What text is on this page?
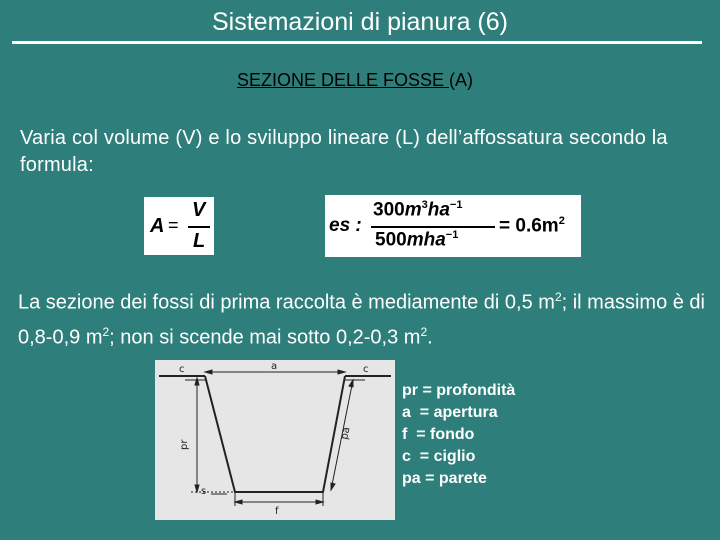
Sistemazioni di pianura (6)
SEZIONE DELLE FOSSE (A)
Varia col volume (V) e lo sviluppo lineare (L) dell’affossatura secondo la formula:
A =
V
L
es :
$300m^3ha^{-1}$
$500mha^{-1} = 0.6m^2$
La sezione dei fossi di prima raccolta è mediamente di 0,5 $m^2$; il massimo è di 0,8-0,9 $m^2$; non si scende mai sotto 0,2-0,3 $m^2$.
c	a	c
pr
pa
s
f
pr = profondità
a  = apertura
f  = fondo
c  = ciglio
pa = parete
